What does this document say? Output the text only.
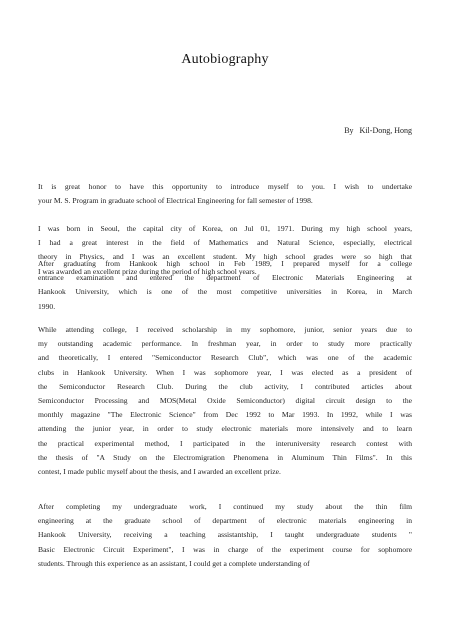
Autobiography
By   Kil-Dong, Hong
It is great honor to have this opportunity to introduce myself to you. I wish to undertake
your M. S. Program in graduate school of Electrical Engineering for fall semester of 1998.
I was born in Seoul, the capital city of Korea, on Jul 01, 1971. During my high school years,
I had a great interest in the field of Mathematics and Natural Science, especially, electrical
theory in Physics, and I was an excellent student. My high school grades were so high that
I was awarded an excellent prize during the period of high school years.
After graduating from Hankook high school in Feb 1989, I prepared myself for a college
entrance examination and entered the department of Electronic Materials Engineering at
Hankook University, which is one of the most competitive universities in Korea, in March
1990.
While attending college, I received scholarship in my sophomore, junior, senior years due to
my outstanding academic performance. In freshman year, in order to study more practically
and theoretically, I entered "Semiconductor Research Club", which was one of the academic
clubs in Hankook University. When I was sophomore year, I was elected as a president of
the Semiconductor Research Club. During the club activity, I contributed articles about
Semiconductor Processing and MOS(Metal Oxide Semiconductor) digital circuit design to the
monthly magazine "The Electronic Science" from Dec 1992 to Mar 1993. In 1992, while I was
attending the junior year, in order to study electronic materials more intensively and to learn
the practical experimental method, I participated in the interuniversity research contest with
the thesis of "A Study on the Electromigration Phenomena in Aluminum Thin Films". In this
contest, I made public myself about the thesis, and I awarded an excellent prize.
After completing my undergraduate work, I continued my study about the thin film
engineering at the graduate school of department of electronic materials engineering in
Hankook University, receiving a teaching assistantship, I taught undergraduate students "
Basic Electronic Circuit Experiment", I was in charge of the experiment course for sophomore
students. Through this experience as an assistant, I could get a complete understanding of
